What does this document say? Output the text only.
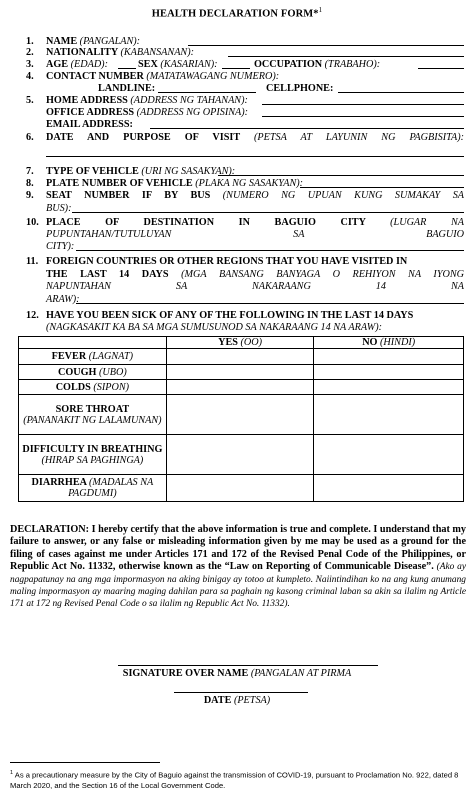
HEALTH DECLARATION FORM*$^1$
1. NAME (PANGALAN):
2. NATIONALITY (KABANSANAN):
3. AGE (EDAD):	SEX (KASARIAN):	OCCUPATION (TRABAHO):
4. CONTACT NUMBER (MATATAWAGANG NUMERO):
LANDLINE:	CELLPHONE:
5. HOME ADDRESS (ADDRESS NG TAHANAN):
OFFICE ADDRESS (ADDRESS NG OPISINA):
EMAIL ADDRESS:
6. DATE AND PURPOSE OF VISIT (PETSA AT LAYUNIN NG PAGBISITA):
7. TYPE OF VEHICLE (URI NG SASAKYAN):
8. PLATE NUMBER OF VEHICLE (PLAKA NG SASAKYAN):
9. SEAT NUMBER IF BY BUS (NUMERO NG UPUAN KUNG SUMAKAY SA
BUS):
10. PLACE OF DESTINATION IN BAGUIO CITY (LUGAR NA
PUPUNTAHAN/TUTULUYAN SA BAGUIO
CITY):
11. FOREIGN COUNTRIES OR OTHER REGIONS THAT YOU HAVE VISITED IN
THE LAST 14 DAYS (MGA BANSANG BANYAGA O REHIYON NA IYONG
NAPUNTAHAN SA NAKARAANG 14 NA
ARAW):
12. HAVE YOU BEEN SICK OF ANY OF THE FOLLOWING IN THE LAST 14 DAYS
(NAGKASAKIT KA BA SA MGA SUMUSUNOD SA NAKARAANG 14 NA ARAW):
	YES (OO)	NO (HINDI)
FEVER (LAGNAT)		
COUGH (UBO)		
COLDS (SIPON)		
SORE THROAT
(PANANAKIT NG LALAMUNAN)		
DIFFICULTY IN BREATHING (HIRAP SA PAGHINGA)		
DIARRHEA (MADALAS NA PAGDUMI)		
DECLARATION: I hereby certify that the above information is true and complete. I understand that my failure to answer, or any false or misleading information given by me may be used as a ground for the filing of cases against me under Articles 171 and 172 of the Revised Penal Code of the Philippines, or Republic Act No. 11332, otherwise known as the “Law on Reporting of Communicable Disease”. (Ako ay nagpapatunay na ang mga impormasyon na aking binigay ay totoo at kumpleto. Naiintindihan ko na ang kung anumang maling impormasyon ay maaring maging dahilan para sa paghain ng kasong criminal laban sa akin sa ilalim ng Article 171 at 172 ng Revised Penal Code o sa ilalim ng Republic Act No. 11332).
SIGNATURE OVER NAME (PANGALAN AT PIRMA
DATE (PETSA)
$^1$ As a precautionary measure by the City of Baguio against the transmission of COVID-19, pursuant to Proclamation No. 922, dated 8 March 2020, and the Section 16 of the Local Government Code.
